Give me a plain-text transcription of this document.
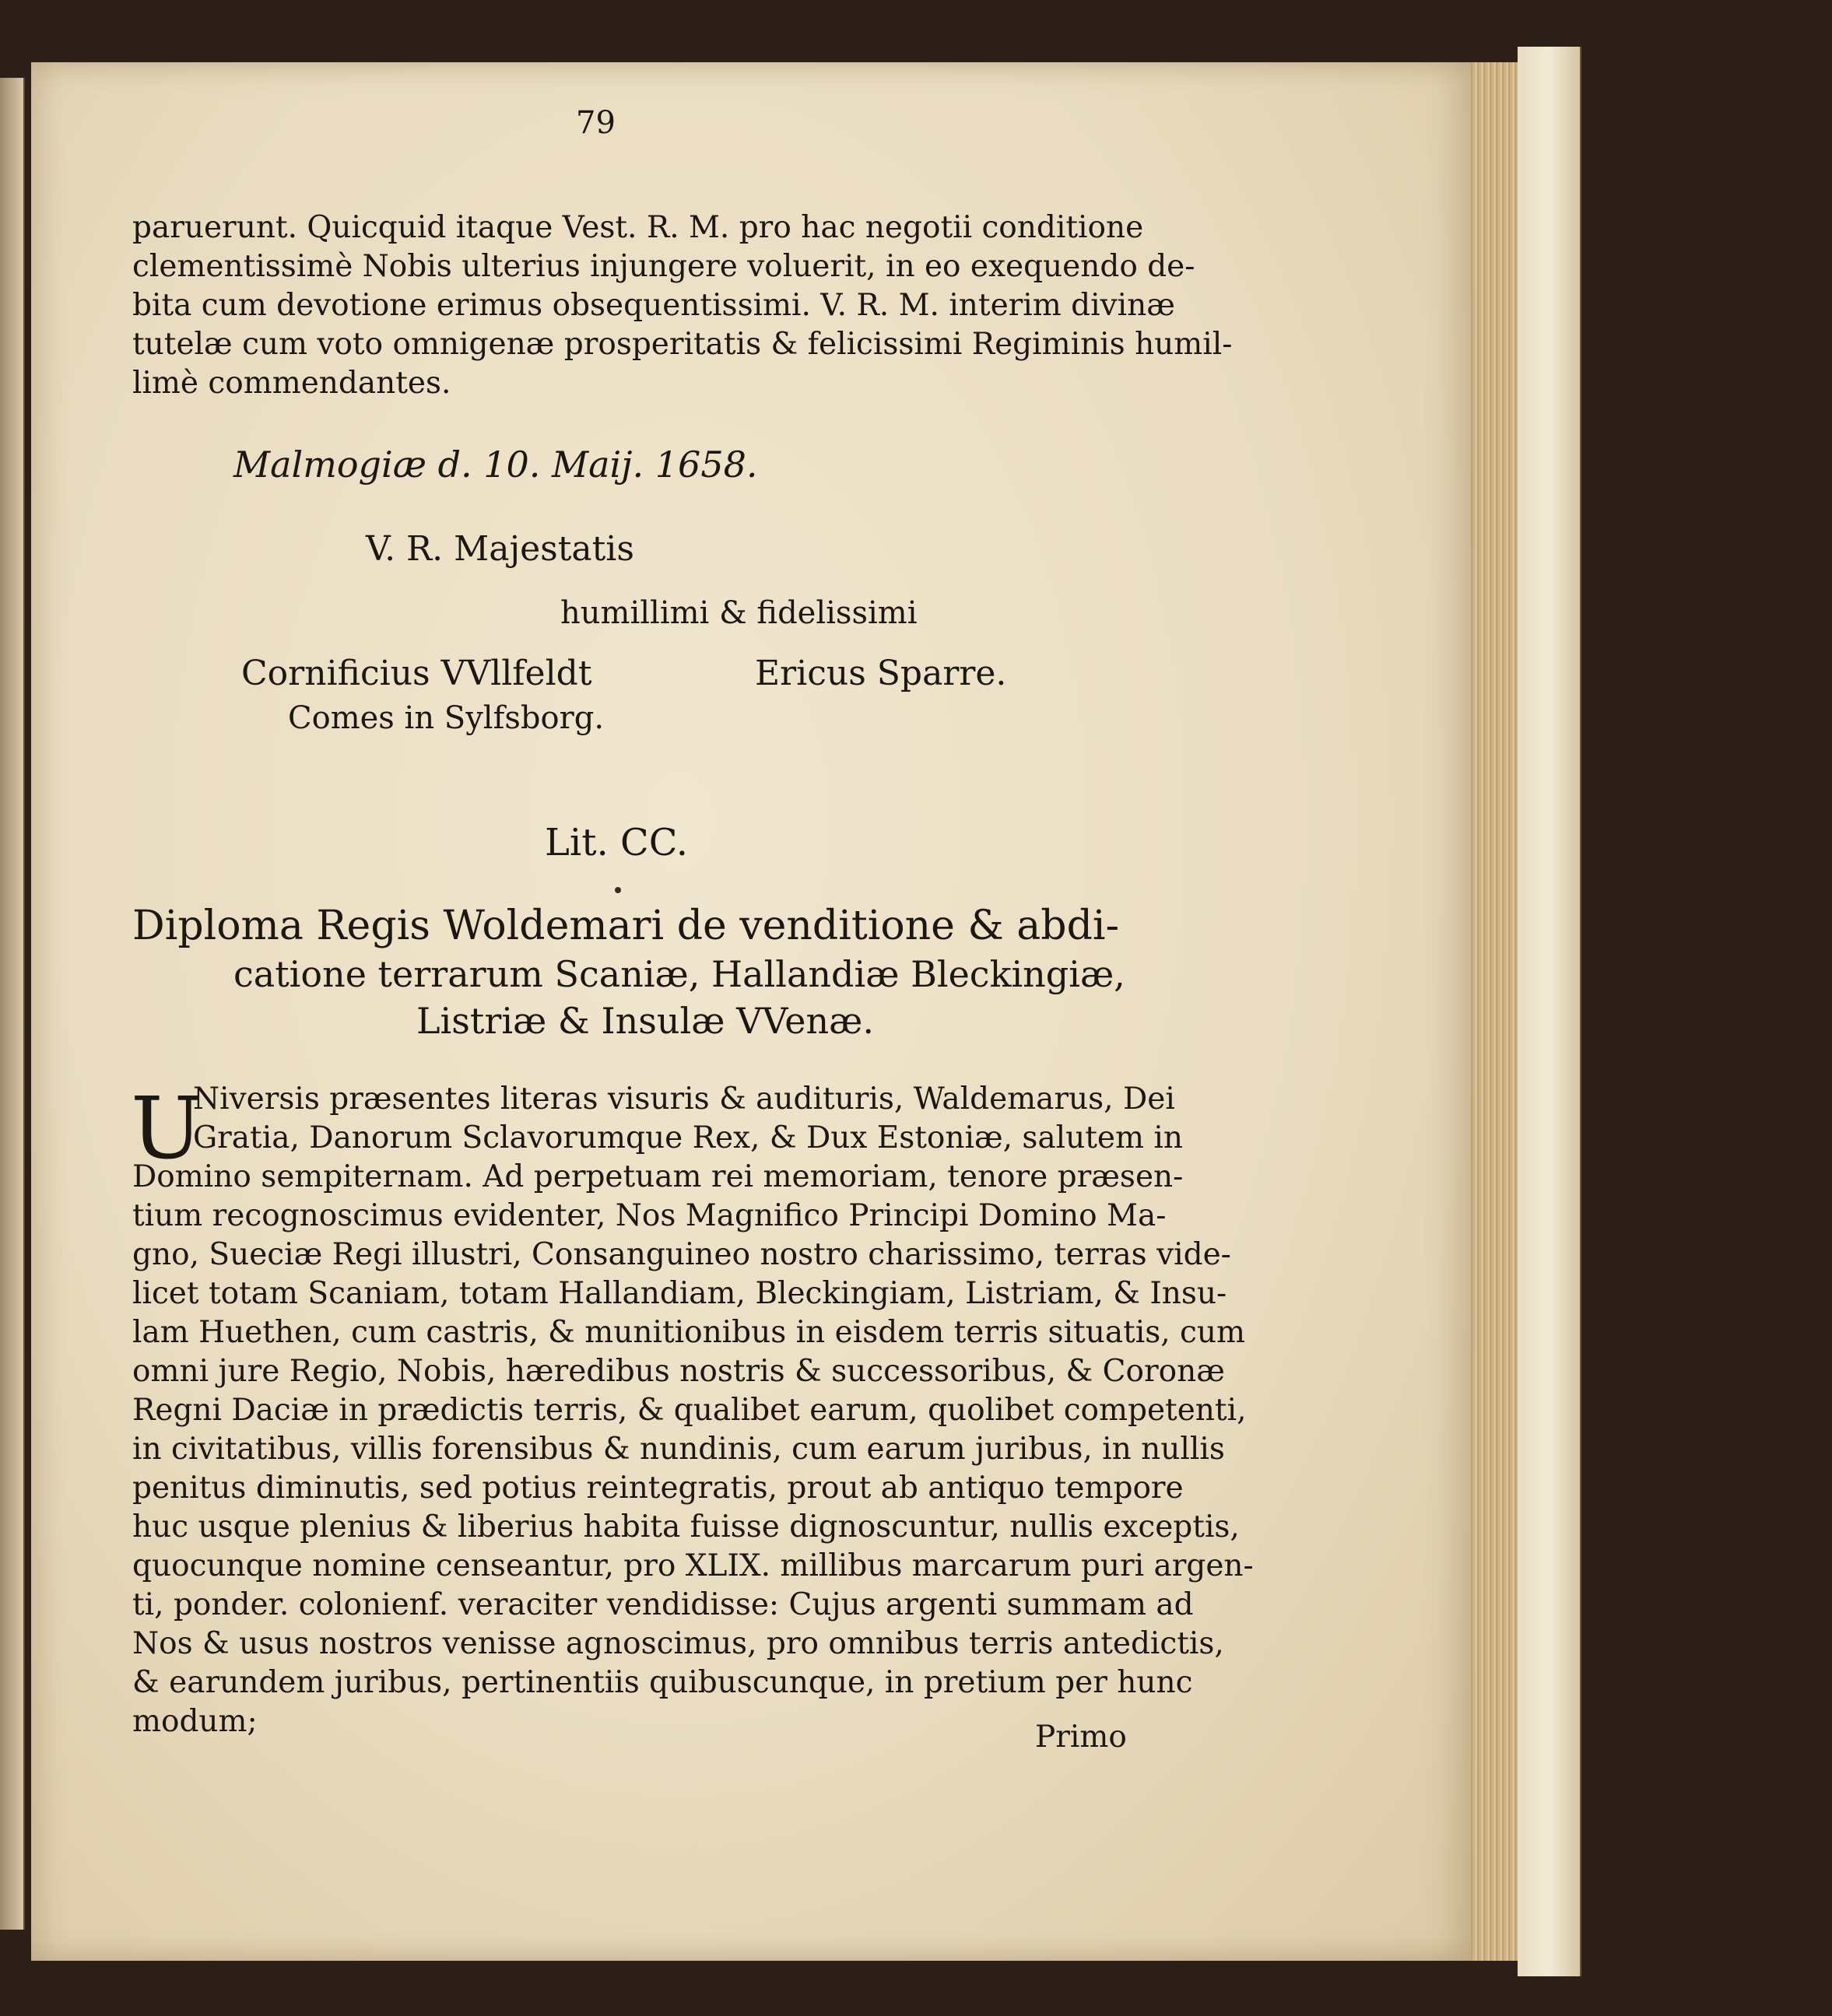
79
paruerunt. Quicquid itaque Vest. R. M. pro hac negotii conditione
clementissimè Nobis ulterius injungere voluerit, in eo exequendo de-
bita cum devotione erimus obsequentissimi. V. R. M. interim divinæ
tutelæ cum voto omnigenæ prosperitatis & felicissimi Regiminis humil-
limè commendantes.
Malmogiæ d. 10. Maij. 1658.
V. R. Majestatis
humillimi & fidelissimi
Cornificius VVllfeldt
Comes in Sylfsborg.
Ericus Sparre.
Lit. CC.
Diploma Regis Woldemari de venditione & abdi-
catione terrarum Scaniæ, Hallandiæ Bleckingiæ,
Listriæ & Insulæ VVenæ.
U
Niversis præsentes literas visuris & audituris, Waldemarus, Dei
Gratia, Danorum Sclavorumque Rex, & Dux Estoniæ, salutem in
Domino sempiternam. Ad perpetuam rei memoriam, tenore præsen-
tium recognoscimus evidenter, Nos Magnifico Principi Domino Ma-
gno, Sueciæ Regi illustri, Consanguineo nostro charissimo, terras vide-
licet totam Scaniam, totam Hallandiam, Bleckingiam, Listriam, & Insu-
lam Huethen, cum castris, & munitionibus in eisdem terris situatis, cum
omni jure Regio, Nobis, hæredibus nostris & successoribus, & Coronæ
Regni Daciæ in prædictis terris, & qualibet earum, quolibet competenti,
in civitatibus, villis forensibus & nundinis, cum earum juribus, in nullis
penitus diminutis, sed potius reintegratis, prout ab antiquo tempore
huc usque plenius & liberius habita fuisse dignoscuntur, nullis exceptis,
quocunque nomine censeantur, pro XLIX. millibus marcarum puri argen-
ti, ponder. colonienf. veraciter vendidisse: Cujus argenti summam ad
Nos & usus nostros venisse agnoscimus, pro omnibus terris antedictis,
& earundem juribus, pertinentiis quibuscunque, in pretium per hunc
modum;	Primo
